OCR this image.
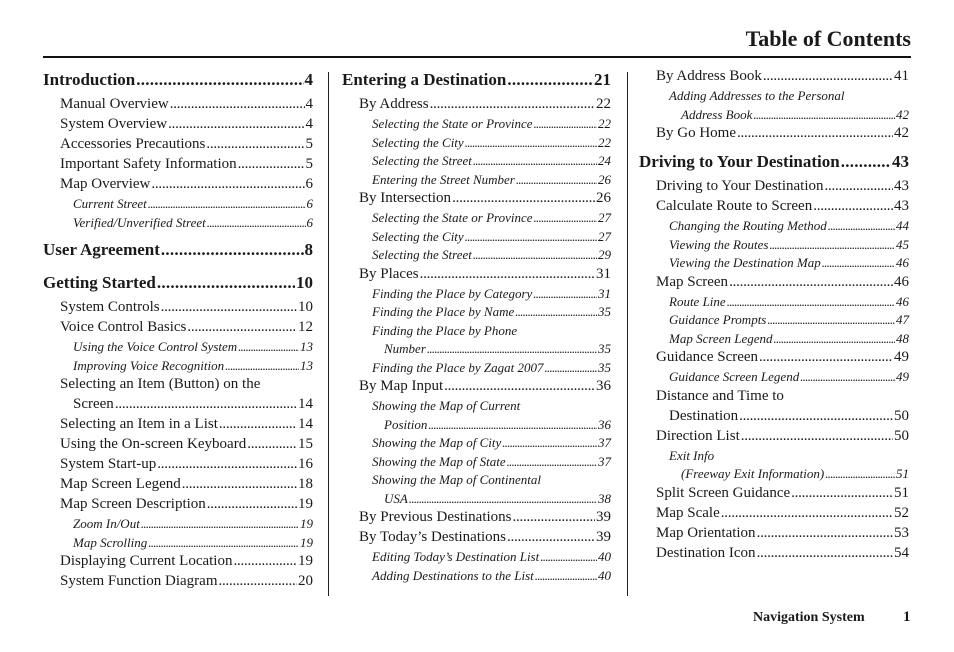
Table of Contents
Introduction . . .	4
Manual Overview . . .	4
System Overview . . .	4
Accessories Precautions . . .	5
Important Safety Information . . .	5
Map Overview . . .	6
Current Street . . .	6
Verified/Unverified Street . . .	6
User Agreement . . .	8
Getting Started . . .	10
System Controls . . .	10
Voice Control Basics . . .	12
Using the Voice Control System . . .	13
Improving Voice Recognition . . .	13
Selecting an Item (Button) on the
Screen . . .	14
Selecting an Item in a List . . .	14
Using the On-screen Keyboard . . .	15
System Start-up . . .	16
Map Screen Legend . . .	18
Map Screen Description . . .	19
Zoom In/Out . . .	19
Map Scrolling . . .	19
Displaying Current Location . . .	19
System Function Diagram . . .	20
Entering a Destination . . .	21
By Address . . .	22
Selecting the State or Province . . .	22
Selecting the City . . .	22
Selecting the Street . . .	24
Entering the Street Number . . .	26
By Intersection . . .	26
Selecting the State or Province . . .	27
Selecting the City . . .	27
Selecting the Street . . .	29
By Places . . .	31
Finding the Place by Category . . .	31
Finding the Place by Name . . .	35
Finding the Place by Phone
Number . . .	35
Finding the Place by Zagat 2007 . . .	35
By Map Input . . .	36
Showing the Map of Current
Position . . .	36
Showing the Map of City . . .	37
Showing the Map of State . . .	37
Showing the Map of Continental
USA . . .	38
By Previous Destinations . . .	39
By Today’s Destinations . . .	39
Editing Today’s Destination List . . .	40
Adding Destinations to the List . . .	40
By Address Book . . .	41
Adding Addresses to the Personal
Address Book . . .	42
By Go Home . . .	42
Driving to Your Destination . . .	43
Driving to Your Destination . . .	43
Calculate Route to Screen . . .	43
Changing the Routing Method . . .	44
Viewing the Routes . . .	45
Viewing the Destination Map . . .	46
Map Screen . . .	46
Route Line . . .	46
Guidance Prompts . . .	47
Map Screen Legend . . .	48
Guidance Screen . . .	49
Guidance Screen Legend . . .	49
Distance and Time to
Destination . . .	50
Direction List . . .	50
Exit Info
(Freeway Exit Information) . . .	51
Split Screen Guidance . . .	51
Map Scale . . .	52
Map Orientation . . .	53
Destination Icon . . .	54
Navigation System	1
